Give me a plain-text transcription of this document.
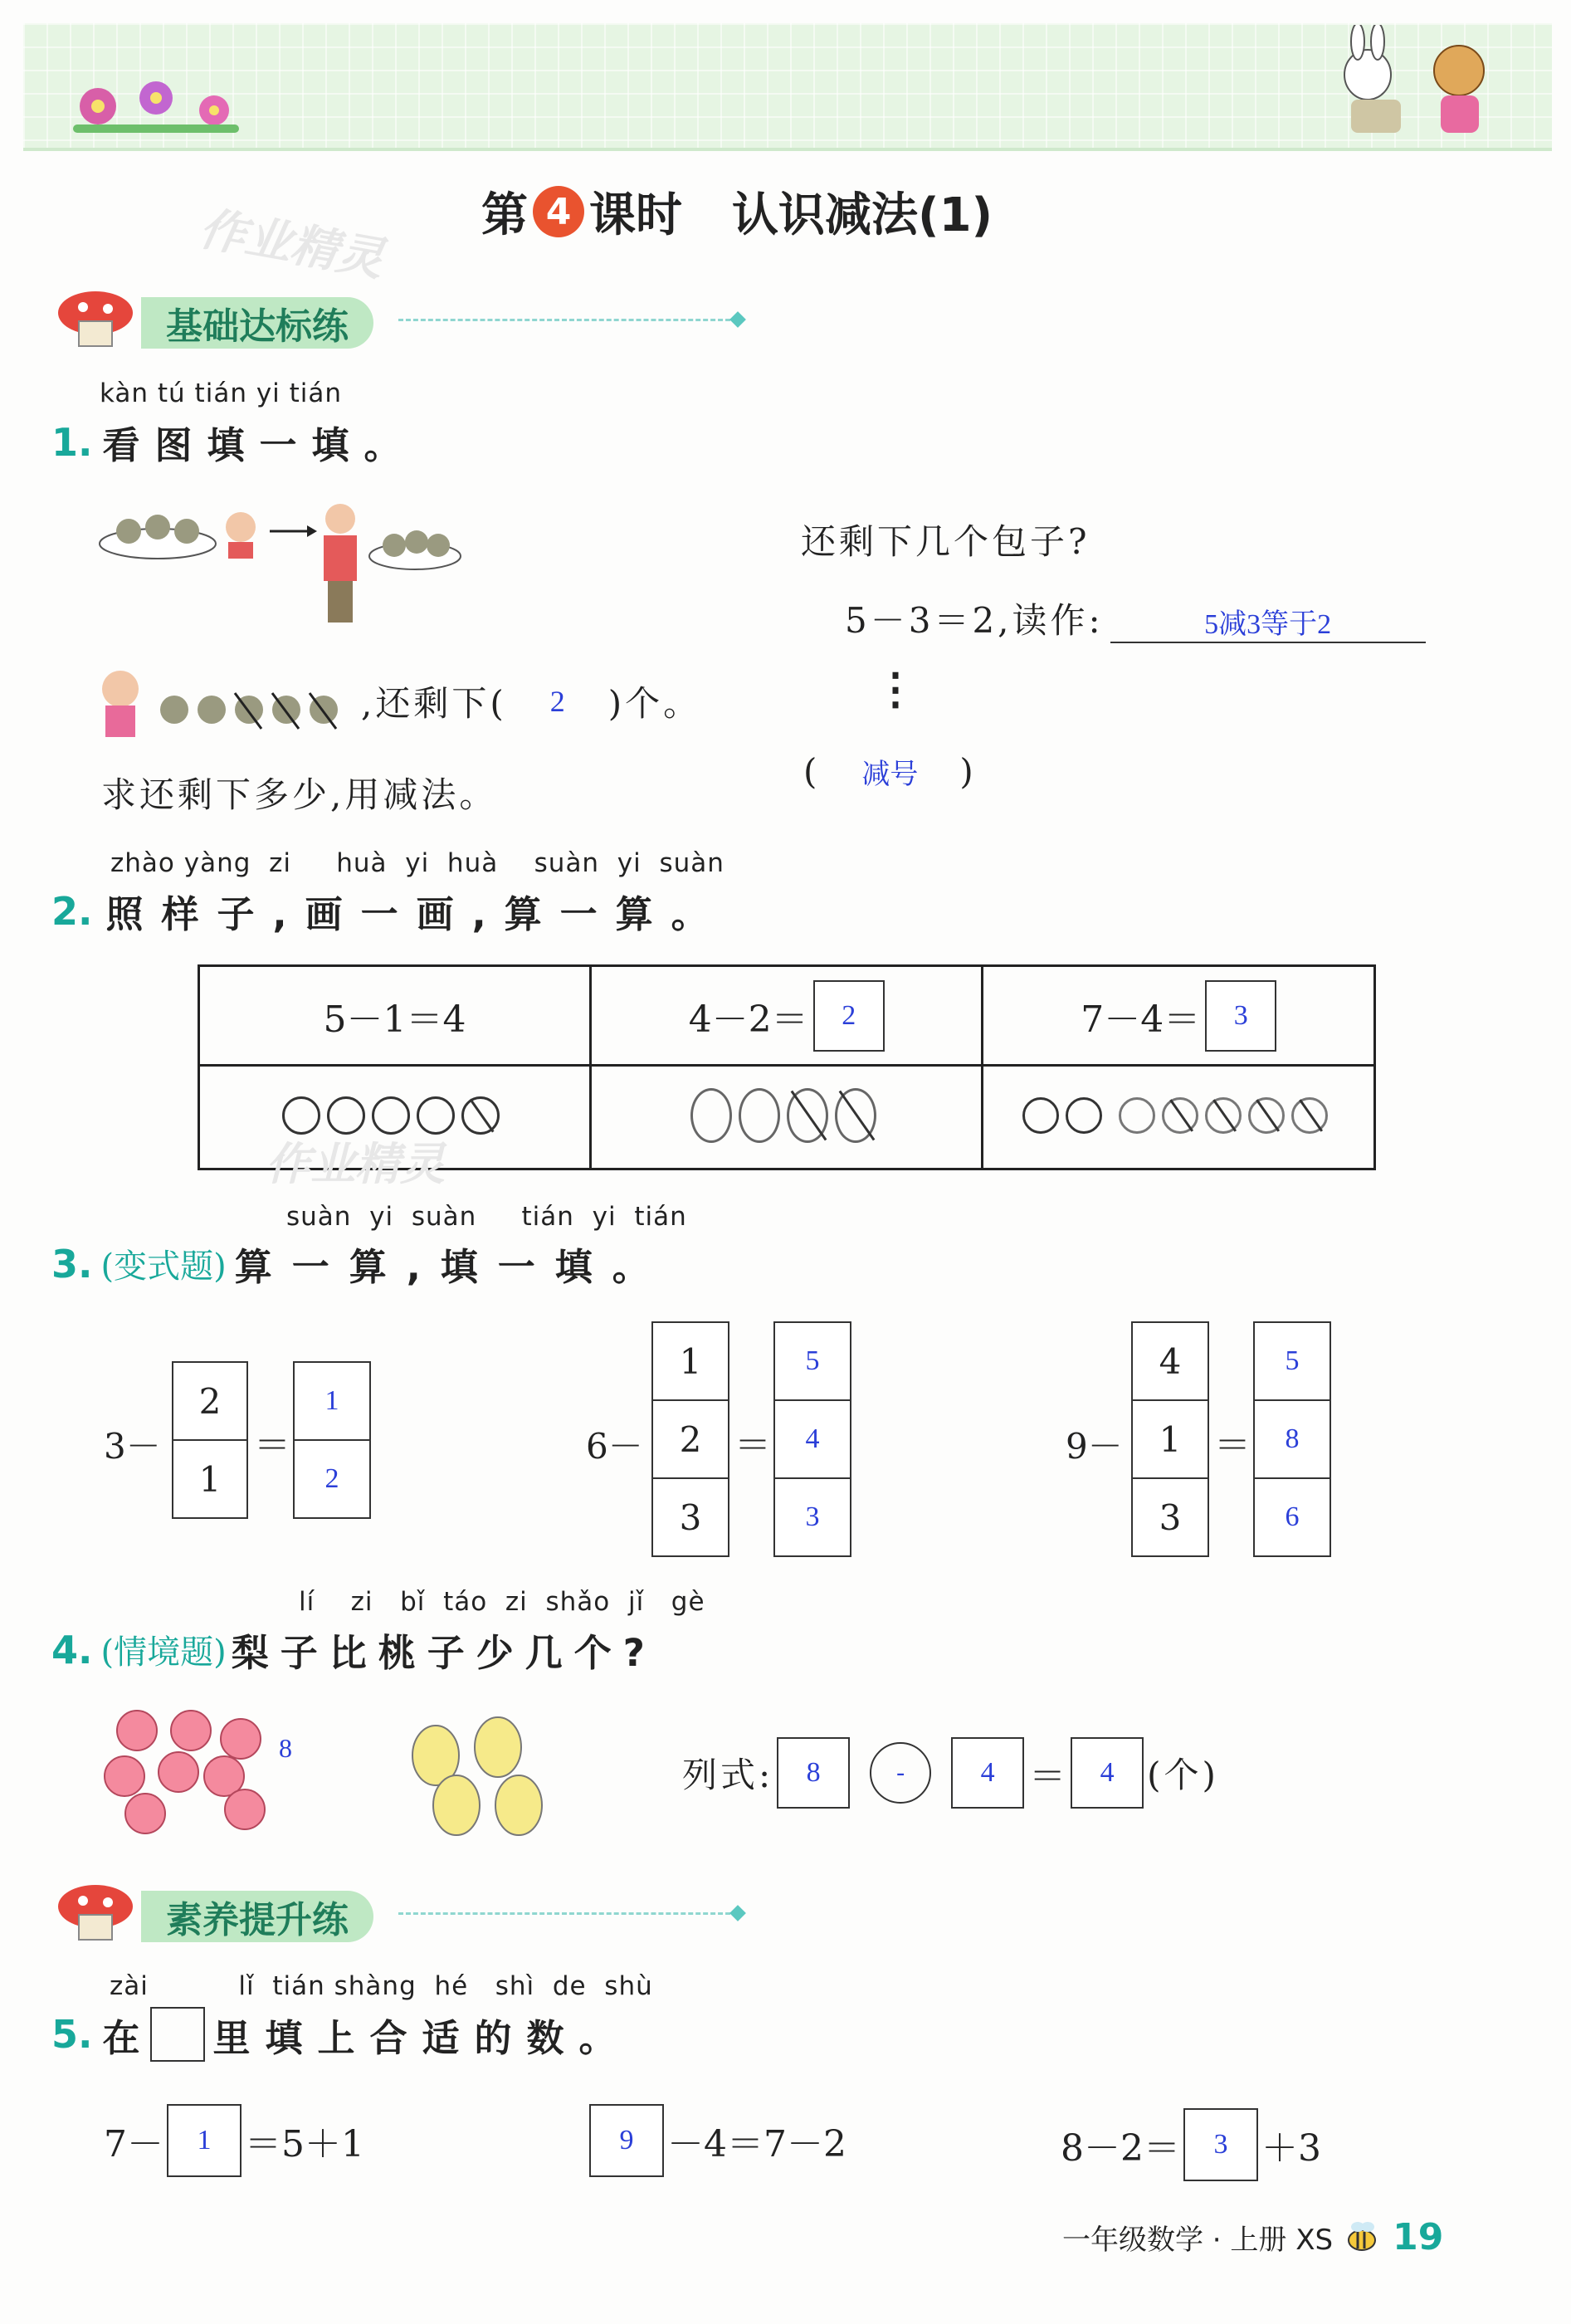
第 4 课时 认识减法(1)
作业精灵
基础达标练
kàn tú tián yi tián
1. 看图填一填。
,还剩下( 2 )个。
求还剩下多少,用减法。
还剩下几个包子?
5－3＝2,读作:	5减3等于2
⋮
( 减号 )
zhào yàng  zi     huà  yi  huà    suàn  yi  suàn
2. 照样子,画一画,算一算。
5－1＝4	4－2＝ 2	7－4＝ 3

作业精灵
suàn  yi  suàn     tián  yi  tián
3. (变式题) 算一算,填一填。
3－
2
1
＝
1
2
6－
1
2
3
＝
5
4
3
9－
4
1
3
＝
5
8
6
lí    zi   bǐ  táo  zi  shǎo  jǐ   gè
4. (情境题) 梨子比桃子少几个?
8
列式:	8	-	4 ＝	4 (个)
素养提升练
zài          lǐ  tián shàng  hé   shì  de  shù
5. 在 里填上合适的数。
7－	1 ＝5＋1	9 －4＝7－2	8－2＝	3 ＋3
一年级数学 · 上册 XS 19
